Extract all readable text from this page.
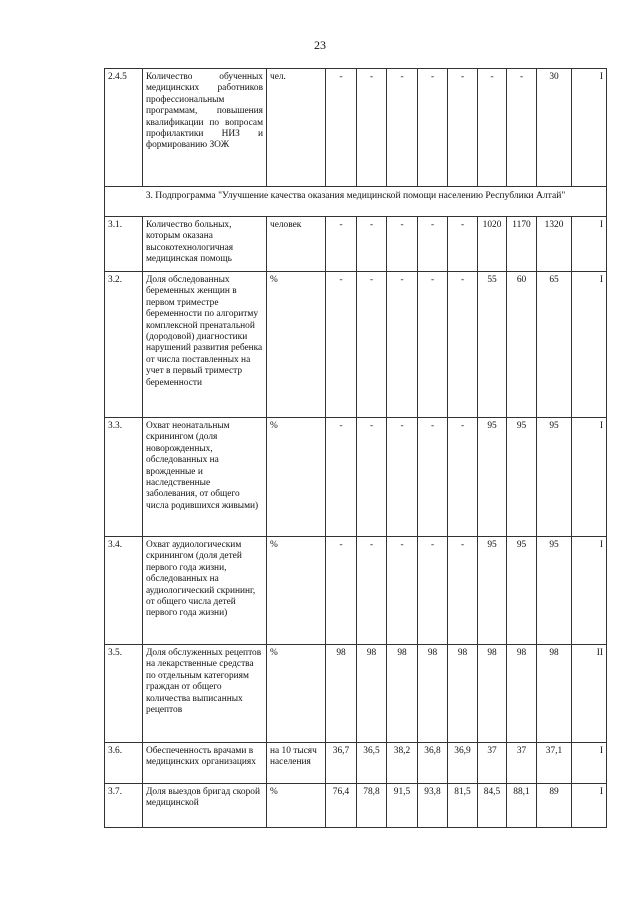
23
2.4.5	Количество обученных медицинских работников профессиональным программам, повышения квалификации по вопросам профилактики НИЗ и формированию ЗОЖ	чел.	-	-	-	-	-	-	-	30	I
3. Подпрограмма "Улучшение качества оказания медицинской помощи населению Республики Алтай"											
3.1.	Количество больных, которым оказана высокотехнологичная медицинская помощь	человек	-	-	-	-	-	1020	1170	1320	I
3.2.	Доля обследованных беременных женщин в первом триместре беременности по алгоритму комплексной пренатальной (дородовой) диагностики нарушений развития ребенка от числа поставленных на учет в первый триместр беременности	%	-	-	-	-	-	55	60	65	I
3.3.	Охват неонатальным скринингом (доля новорожденных, обследованных на врожденные и наследственные заболевания, от общего числа родившихся живыми)	%	-	-	-	-	-	95	95	95	I
3.4.	Охват аудиологическим скринингом (доля детей первого года жизни, обследованных на аудиологический скрининг, от общего числа детей первого года жизни)	%	-	-	-	-	-	95	95	95	I
3.5.	Доля обслуженных рецептов на лекарственные средства по отдельным категориям граждан от общего количества выписанных рецептов	%	98	98	98	98	98	98	98	98	II
3.6.	Обеспеченность врачами в медицинских организациях	на 10 тысяч населения	36,7	36,5	38,2	36,8	36,9	37	37	37,1	I
3.7.	Доля выездов бригад скорой медицинской	%	76,4	78,8	91,5	93,8	81,5	84,5	88,1	89	I
